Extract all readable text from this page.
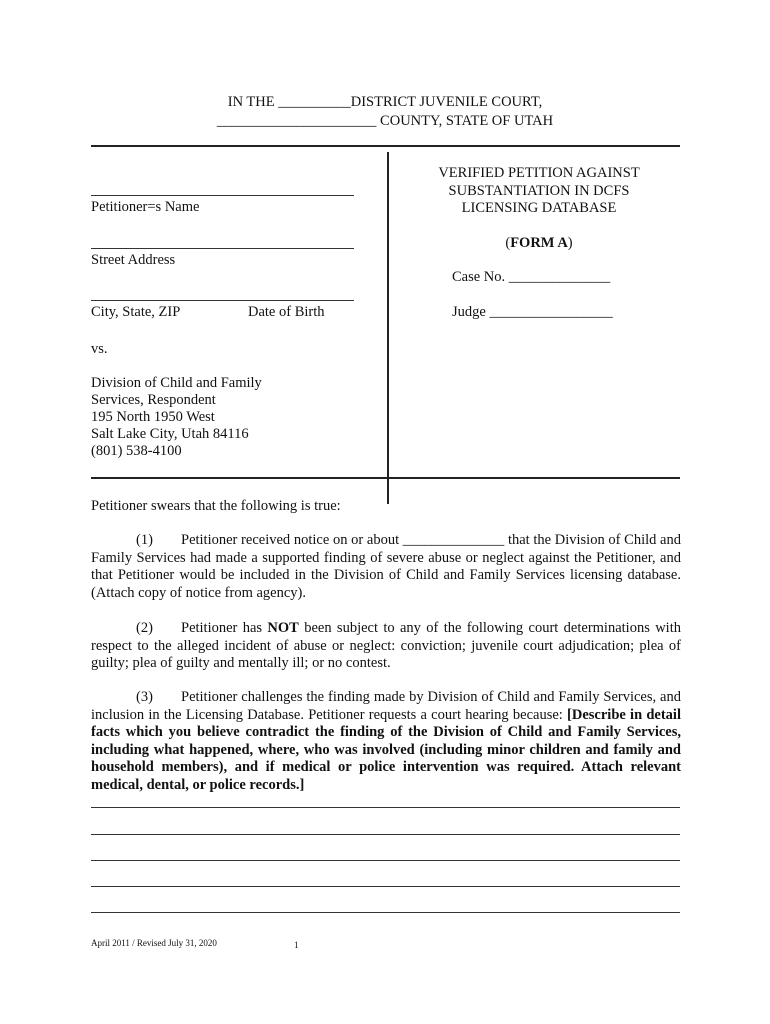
IN THE __________DISTRICT JUVENILE COURT,
______________________ COUNTY, STATE OF UTAH
Petitioner=s Name
Street Address
City, State, ZIP	Date of Birth
vs.
Division of Child and Family
Services, Respondent
195 North 1950 West
Salt Lake City, Utah 84116
(801) 538-4100
VERIFIED PETITION AGAINST
SUBSTANTIATION IN DCFS
LICENSING DATABASE
(FORM A)
Case No. ______________
Judge _________________
Petitioner swears that the following is true:
(1) Petitioner received notice on or about ______________ that the Division of Child and Family Services had made a supported finding of severe abuse or neglect against the Petitioner, and that Petitioner would be included in the Division of Child and Family Services licensing database. (Attach copy of notice from agency).
(2) Petitioner has NOT been subject to any of the following court determinations with respect to the alleged incident of abuse or neglect: conviction; juvenile court adjudication; plea of guilty; plea of guilty and mentally ill; or no contest.
(3) Petitioner challenges the finding made by Division of Child and Family Services, and inclusion in the Licensing Database. Petitioner requests a court hearing because: [Describe in detail facts which you believe contradict the finding of the Division of Child and Family Services, including what happened, where, who was involved (including minor children and family and household members), and if medical or police intervention was required. Attach relevant medical, dental, or police records.]
April 2011 / Revised July 31, 2020	1
